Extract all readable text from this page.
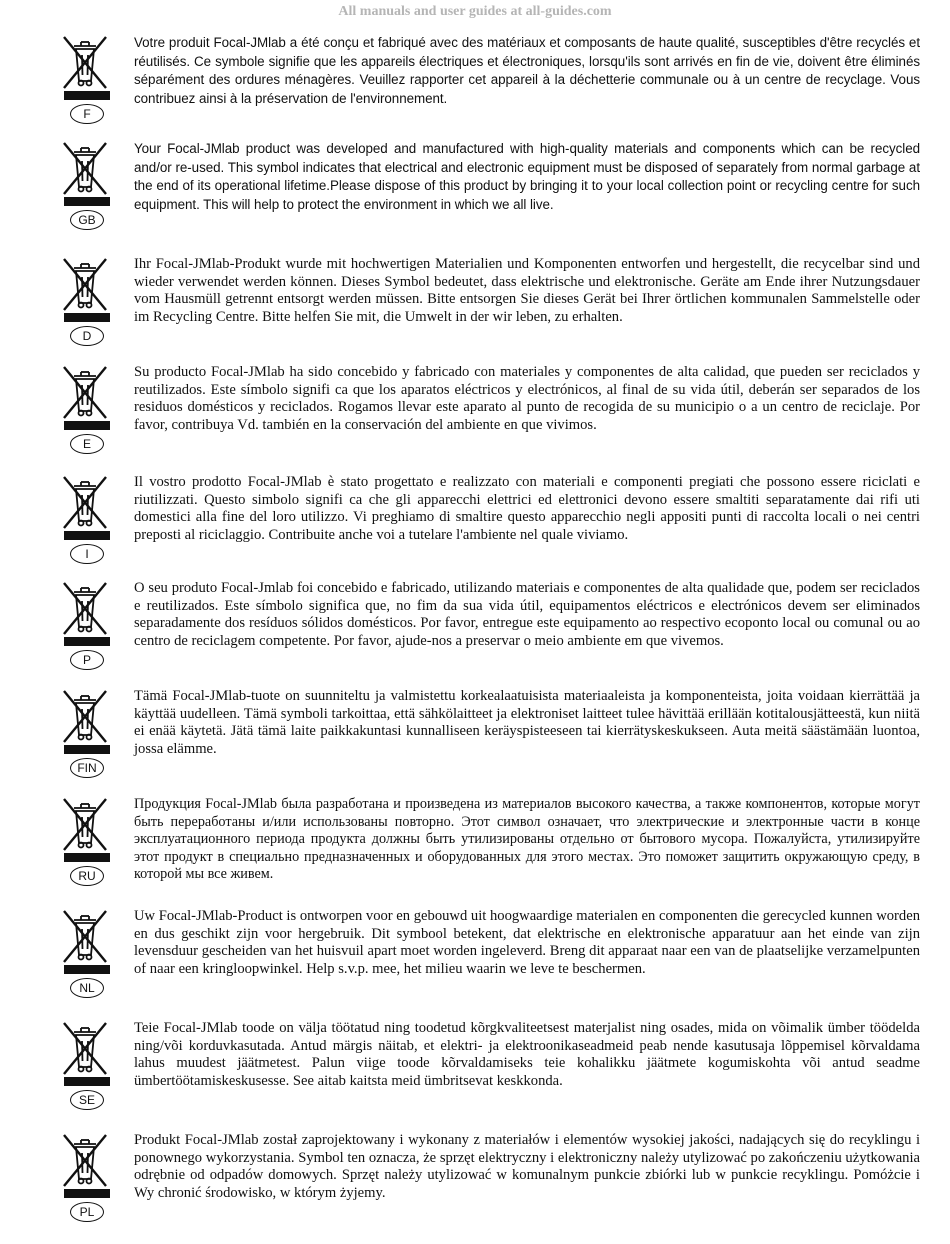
All manuals and user guides at all-guides.com
F

Votre produit Focal-JMlab a été conçu et fabriqué avec des matériaux et composants de haute qualité, susceptibles d'être recyclés et réutilisés. Ce symbole signifie que les appareils électriques et électroniques, lorsqu'ils sont arrivés en fin de vie, doivent être éliminés séparément des ordures ménagères. Veuillez rapporter cet appareil à la déchetterie communale ou à un centre de recyclage. Vous contribuez ainsi à la préservation de l'environnement.

GB

Your Focal-JMlab product was developed and manufactured with high-quality materials and components which can be recycled and/or re-used. This symbol indicates that electrical and electronic equipment must be disposed of separately from normal garbage at the end of its operational lifetime.Please dispose of this product by bringing it to your local collection point or recycling centre for such equipment. This will help to protect the environment in which we all live.

D

Ihr Focal-JMlab-Produkt wurde mit hochwertigen Materialien und Komponenten entworfen und hergestellt, die recycelbar sind und wieder verwendet werden können. Dieses Symbol bedeutet, dass elektrische und elektronische. Geräte am Ende ihrer Nutzungsdauer vom Hausmüll getrennt entsorgt werden müssen. Bitte entsorgen Sie dieses Gerät bei Ihrer örtlichen kommunalen Sammelstelle oder im Recycling Centre. Bitte helfen Sie mit, die Umwelt in der wir leben, zu erhalten.

E

Su producto Focal-JMlab ha sido concebido y fabricado con materiales y componentes de alta calidad, que pueden ser reciclados y reutilizados. Este símbolo signifi ca que los aparatos eléctricos y electrónicos, al final de su vida útil, deberán ser separados de los residuos domésticos y reciclados. Rogamos llevar este aparato al punto de recogida de su municipio o a un centro de reciclaje. Por favor, contribuya Vd. también en la conservación del ambiente en que vivimos.

I

Il vostro prodotto Focal-JMlab è stato progettato e realizzato con materiali e componenti pregiati che possono essere riciclati e riutilizzati. Questo simbolo signifi ca che gli apparecchi elettrici ed elettronici devono essere smaltiti separatamente dai rifi uti domestici alla fine del loro utilizzo. Vi preghiamo di smaltire questo apparecchio negli appositi punti di raccolta locali o nei centri preposti al riciclaggio. Contribuite anche voi a tutelare l'ambiente nel quale viviamo.

P

O seu produto Focal-Jmlab foi concebido e fabricado, utilizando materiais e componentes de alta qualidade que, podem ser reciclados e reutilizados. Este símbolo significa que, no fim da sua vida útil, equipamentos eléctricos e electrónicos devem ser eliminados separadamente dos resíduos sólidos domésticos. Por favor, entregue este equipamento ao respectivo ecoponto local ou comunal ou ao centro de reciclagem competente. Por favor, ajude-nos a preservar o meio ambiente em que vivemos.

FIN

Tämä Focal-JMlab-tuote on suunniteltu ja valmistettu korkealaatuisista materiaaleista ja komponenteista, joita voidaan kierrättää ja käyttää uudelleen. Tämä symboli tarkoittaa, että sähkölaitteet ja elektroniset laitteet tulee hävittää erillään kotitalousjätteestä, kun niitä ei enää käytetä. Jätä tämä laite paikkakuntasi kunnalliseen keräyspisteeseen tai kierrätyskeskukseen. Auta meitä säästämään luontoa, jossa elämme.

RU

Продукция Focal-JMlab была разработана и произведена из материалов высокого качества, а также компонентов, которые могут быть переработаны и/или использованы повторно. Этот символ означает, что электрические и электронные части в конце эксплуатационного периода продукта должны быть утилизированы отдельно от бытового мусора. Пожалуйста, утилизируйте этот продукт в специально предназначенных и оборудованных для этого местах. Это поможет защитить окружающую среду, в которой мы все живем.

NL

Uw Focal-JMlab-Product is ontworpen voor en gebouwd uit hoogwaardige materialen en componenten die gerecycled kunnen worden en dus geschikt zijn voor hergebruik. Dit symbool betekent, dat elektrische en elektronische apparatuur aan het einde van zijn levensduur gescheiden van het huisvuil apart moet worden ingeleverd. Breng dit apparaat naar een van de plaatselijke verzamelpunten of naar een kringloopwinkel. Help s.v.p. mee, het milieu waarin we leve te beschermen.

SE

Teie Focal-JMlab toode on välja töötatud ning toodetud kõrgkvaliteetsest materjalist ning osades, mida on võimalik ümber töödelda ning/või korduvkasutada. Antud märgis näitab, et elektri- ja elektroonikaseadmeid peab nende kasutusaja lõppemisel kõrvaldama lahus muudest jäätmetest. Palun viige toode kõrvaldamiseks teie kohalikku jäätmete kogumiskohta või antud seadme ümbertöötamiskeskusesse. See aitab kaitsta meid ümbritsevat keskkonda.

PL

Produkt Focal-JMlab został zaprojektowany i wykonany z materiałów i elementów wysokiej jakości, nadających się do recyklingu i ponownego wykorzystania. Symbol ten oznacza, że sprzęt elektryczny i elektroniczny należy utylizować po zakończeniu użytkowania odrębnie od odpadów domowych. Sprzęt należy utylizować w komunalnym punkcie zbiórki lub w punkcie recyklingu. Pomóżcie i Wy chronić środowisko, w którym żyjemy.
